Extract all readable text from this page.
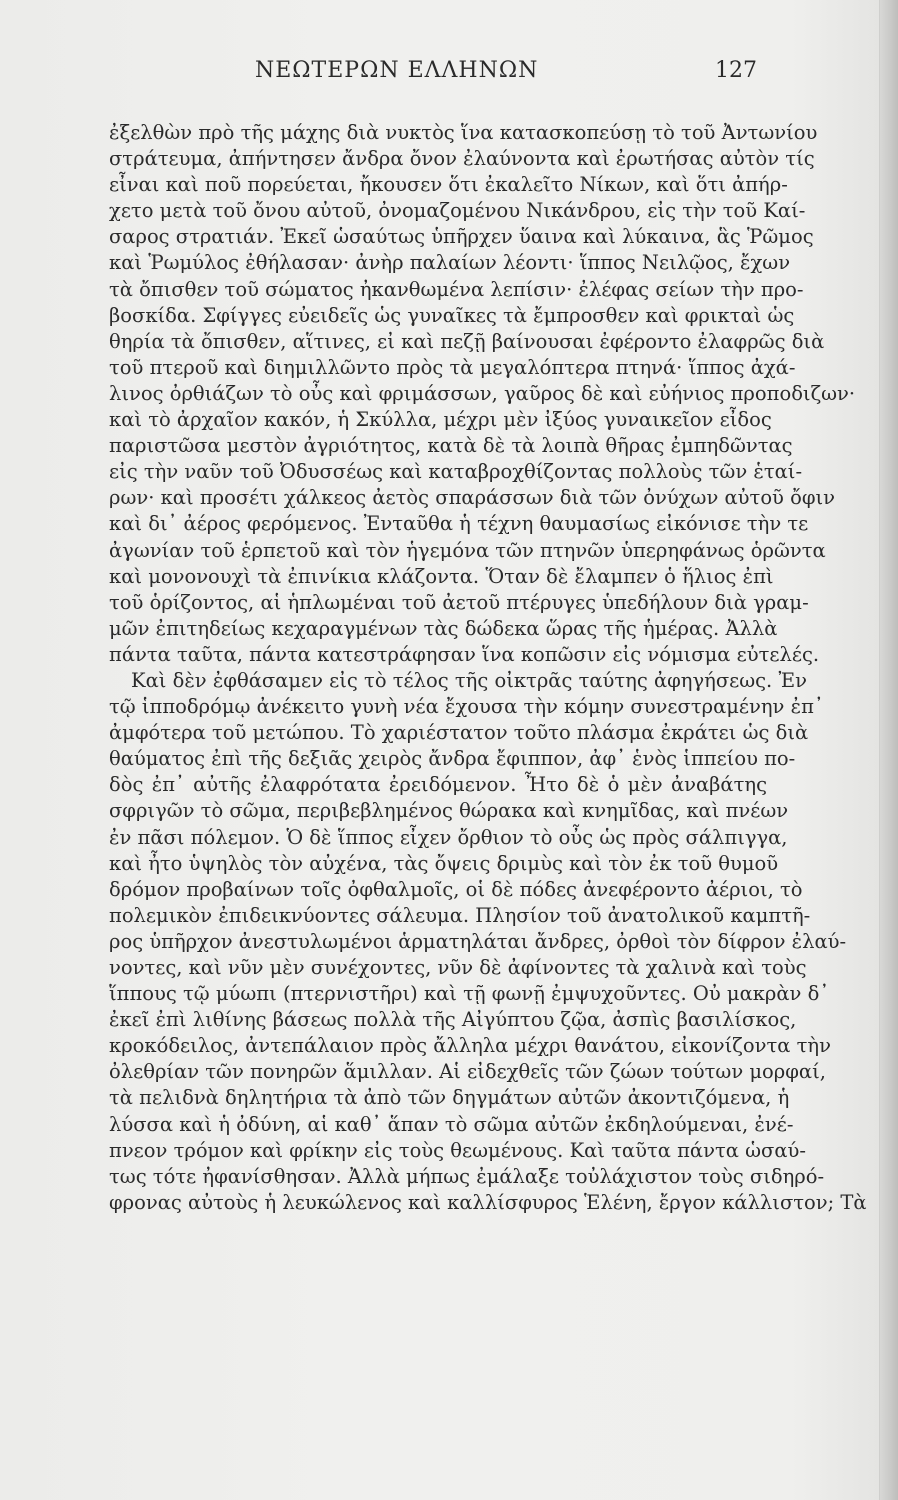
ΝΕΩΤΕΡΩΝ ΕΛΛΗΝΩΝ	127
ἐξελθὼν πρὸ τῆς μάχης διὰ νυκτὸς ἵνα κατασκοπεύσῃ τὸ τοῦ Ἀντωνίου
στράτευμα, ἀπήντησεν ἄνδρα ὄνον ἐλαύνοντα καὶ ἐρωτήσας αὐτὸν τίς
εἶναι καὶ ποῦ πορεύεται, ἤκουσεν ὅτι ἐκαλεῖτο Νίκων, καὶ ὅτι ἀπήρ-
χετο μετὰ τοῦ ὄνου αὐτοῦ, ὀνομαζομένου Νικάνδρου, εἰς τὴν τοῦ Καί-
σαρος στρατιάν. Ἐκεῖ ὡσαύτως ὑπῆρχεν ὕαινα καὶ λύκαινα, ἃς Ῥῶμος
καὶ Ῥωμύλος ἐθήλασαν· ἀνὴρ παλαίων λέοντι· ἵππος Νειλῷος, ἔχων
τὰ ὄπισθεν τοῦ σώματος ἠκανθωμένα λεπίσιν· ἐλέφας σείων τὴν προ-
βοσκίδα. Σφίγγες εὐειδεῖς ὡς γυναῖκες τὰ ἔμπροσθεν καὶ φρικταὶ ὡς
θηρία τὰ ὄπισθεν, αἵτινες, εἰ καὶ πεζῇ βαίνουσαι ἐφέροντο ἐλαφρῶς διὰ
τοῦ πτεροῦ καὶ διημιλλῶντο πρὸς τὰ μεγαλόπτερα πτηνά· ἵππος ἀχά-
λινος ὀρθιάζων τὸ οὖς καὶ φριμάσσων, γαῦρος δὲ καὶ εὐήνιος προποδιζων·
καὶ τὸ ἀρχαῖον κακόν, ἡ Σκύλλα, μέχρι μὲν ἰξύος γυναικεῖον εἶδος
παριστῶσα μεστὸν ἀγριότητος, κατὰ δὲ τὰ λοιπὰ θῆρας ἐμπηδῶντας
εἰς τὴν ναῦν τοῦ Ὀδυσσέως καὶ καταβροχθίζοντας πολλοὺς τῶν ἑταί-
ρων· καὶ προσέτι χάλκεος ἀετὸς σπαράσσων διὰ τῶν ὀνύχων αὐτοῦ ὄφιν
καὶ δι᾿ ἀέρος φερόμενος. Ἐνταῦθα ἡ τέχνη θαυμασίως εἰκόνισε τὴν τε
ἀγωνίαν τοῦ ἑρπετοῦ καὶ τὸν ἡγεμόνα τῶν πτηνῶν ὑπερηφάνως ὁρῶντα
καὶ μονονουχὶ τὰ ἐπινίκια κλάζοντα. Ὅταν δὲ ἔλαμπεν ὁ ἥλιος ἐπὶ
τοῦ ὁρίζοντος, αἱ ἡπλωμέναι τοῦ ἀετοῦ πτέρυγες ὑπεδήλουν διὰ γραμ-
μῶν ἐπιτηδείως κεχαραγμένων τὰς δώδεκα ὥρας τῆς ἡμέρας. Ἀλλὰ
πάντα ταῦτα, πάντα κατεστράφησαν ἵνα κοπῶσιν εἰς νόμισμα εὐτελές.
Καὶ δὲν ἐφθάσαμεν εἰς τὸ τέλος τῆς οἰκτρᾶς ταύτης ἀφηγήσεως. Ἐν
τῷ ἱπποδρόμῳ ἀνέκειτο γυνὴ νέα ἔχουσα τὴν κόμην συνεστραμένην ἐπ᾿
ἀμφότερα τοῦ μετώπου. Τὸ χαριέστατον τοῦτο πλάσμα ἐκράτει ὡς διὰ
θαύματος ἐπὶ τῆς δεξιᾶς χειρὸς ἄνδρα ἔφιππον, ἀφ᾿ ἑνὸς ἱππείου πο-
δὸς ἐπ᾿ αὐτῆς ἐλαφρότατα ἐρειδόμενον. Ἦτο δὲ ὁ μὲν ἀναβάτης
σφριγῶν τὸ σῶμα, περιβεβλημένος θώρακα καὶ κνημῖδας, καὶ πνέων
ἐν πᾶσι πόλεμον. Ὁ δὲ ἵππος εἶχεν ὄρθιον τὸ οὖς ὡς πρὸς σάλπιγγα,
καὶ ἦτο ὑψηλὸς τὸν αὐχένα, τὰς ὄψεις δριμὺς καὶ τὸν ἐκ τοῦ θυμοῦ
δρόμον προβαίνων τοῖς ὀφθαλμοῖς, οἱ δὲ πόδες ἀνεφέροντο ἀέριοι, τὸ
πολεμικὸν ἐπιδεικνύοντες σάλευμα. Πλησίον τοῦ ἀνατολικοῦ καμπτῆ-
ρος ὑπῆρχον ἀνεστυλωμένοι ἁρματηλάται ἄνδρες, ὀρθοὶ τὸν δίφρον ἐλαύ-
νοντες, καὶ νῦν μὲν συνέχοντες, νῦν δὲ ἀφίνοντες τὰ χαλινὰ καὶ τοὺς
ἵππους τῷ μύωπι (πτερνιστῆρι) καὶ τῇ φωνῇ ἐμψυχοῦντες. Οὐ μακρὰν δ᾿
ἐκεῖ ἐπὶ λιθίνης βάσεως πολλὰ τῆς Αἰγύπτου ζῷα, ἀσπὶς βασιλίσκος,
κροκόδειλος, ἀντεπάλαιον πρὸς ἄλληλα μέχρι θανάτου, εἰκονίζοντα τὴν
ὀλεθρίαν τῶν πονηρῶν ἅμιλλαν. Αἱ εἰδεχθεῖς τῶν ζώων τούτων μορφαί,
τὰ πελιδνὰ δηλητήρια τὰ ἀπὸ τῶν δηγμάτων αὐτῶν ἀκοντιζόμενα, ἡ
λύσσα καὶ ἡ ὀδύνη, αἱ καθ᾿ ἅπαν τὸ σῶμα αὐτῶν ἐκδηλούμεναι, ἐνέ-
πνεον τρόμον καὶ φρίκην εἰς τοὺς θεωμένους. Καὶ ταῦτα πάντα ὡσαύ-
τως τότε ἠφανίσθησαν. Ἀλλὰ μήπως ἐμάλαξε τοὐλάχιστον τοὺς σιδηρό-
φρονας αὐτοὺς ἡ λευκώλενος καὶ καλλίσφυρος Ἑλένη, ἔργον κάλλιστον; Τὰ
